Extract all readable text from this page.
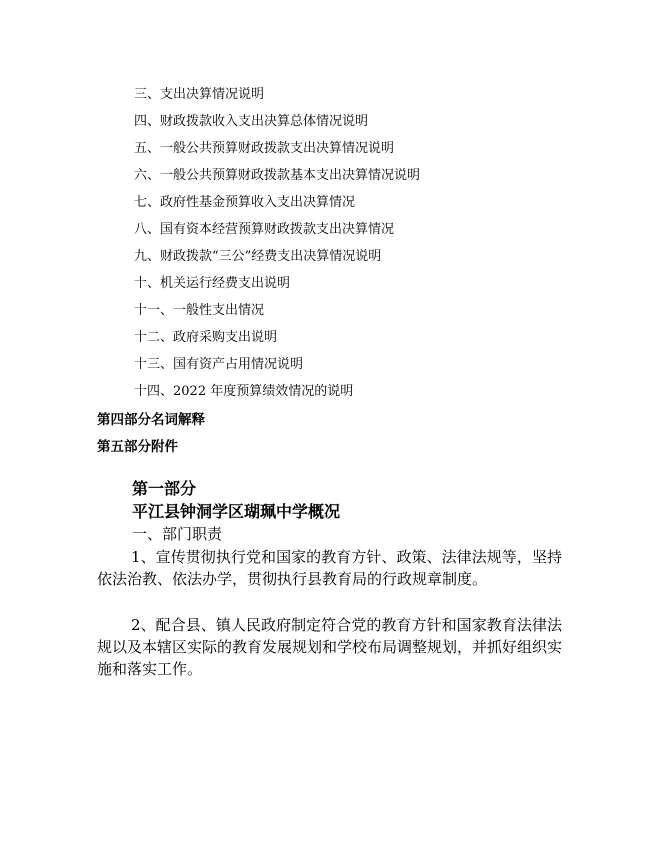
三、支出决算情况说明
四、财政拨款收入支出决算总体情况说明
五、一般公共预算财政拨款支出决算情况说明
六、一般公共预算财政拨款基本支出决算情况说明
七、政府性基金预算收入支出决算情况
八、国有资本经营预算财政拨款支出决算情况
九、财政拨款“三公”经费支出决算情况说明
十、机关运行经费支出说明
十一、一般性支出情况
十二、政府采购支出说明
十三、国有资产占用情况说明
十四、2022 年度预算绩效情况的说明
第四部分名词解释
第五部分附件
第一部分
平江县钟洞学区瑚珮中学概况
一、部门职责
1、宣传贯彻执行党和国家的教育方针、政策、法律法规等，坚持依法治教、依法办学，贯彻执行县教育局的行政规章制度。
2、配合县、镇人民政府制定符合党的教育方针和国家教育法律法规以及本辖区实际的教育发展规划和学校布局调整规划，并抓好组织实施和落实工作。
